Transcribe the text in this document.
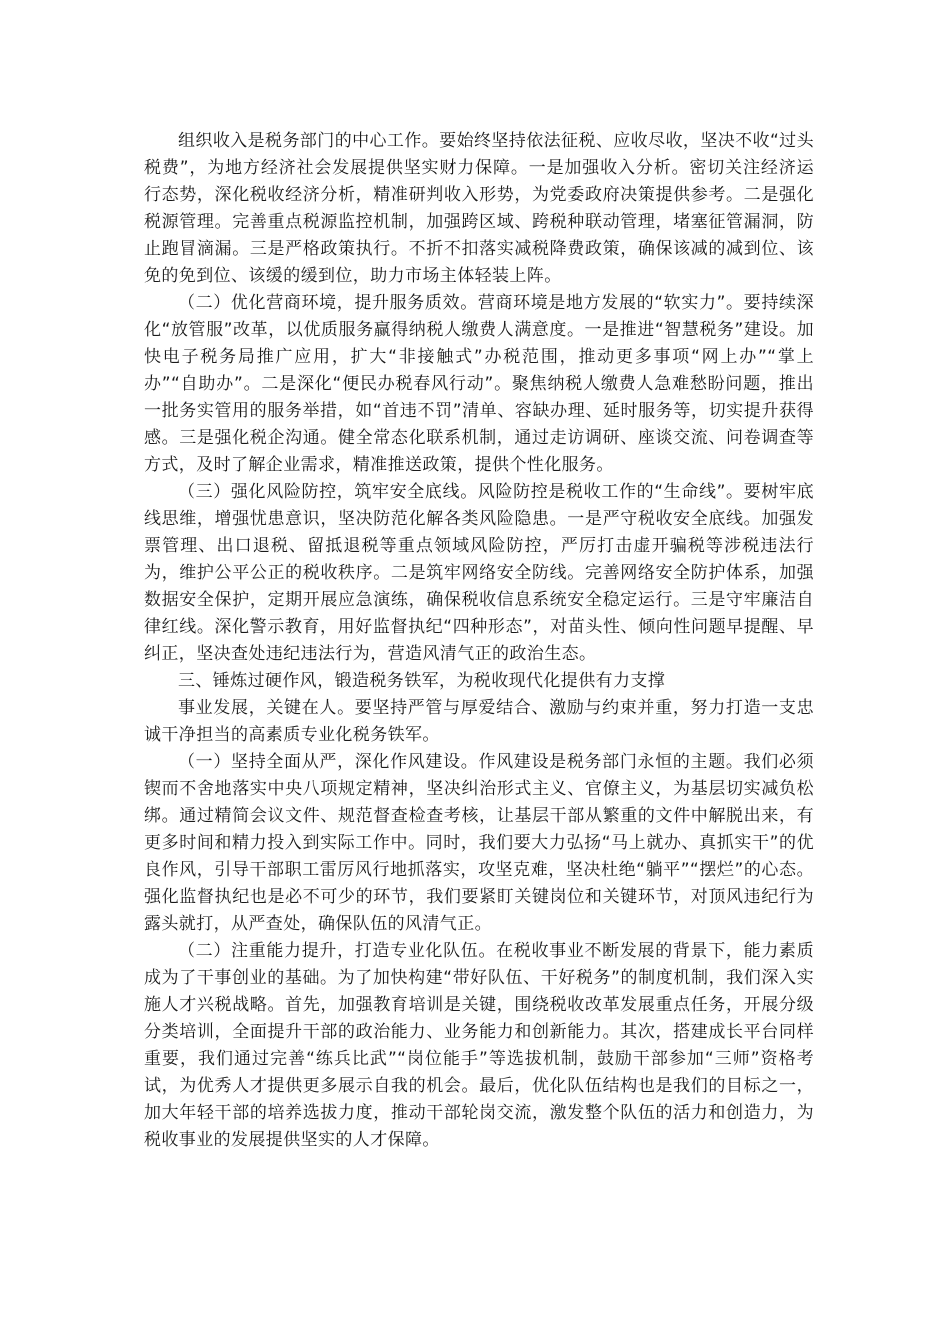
组织收入是税务部门的中心工作。要始终坚持依法征税、应收尽收，坚决不收“过头税费”，为地方经济社会发展提供坚实财力保障。一是加强收入分析。密切关注经济运行态势，深化税收经济分析，精准研判收入形势，为党委政府决策提供参考。二是强化税源管理。完善重点税源监控机制，加强跨区域、跨税种联动管理，堵塞征管漏洞，防止跑冒滴漏。三是严格政策执行。不折不扣落实减税降费政策，确保该减的减到位、该免的免到位、该缓的缓到位，助力市场主体轻装上阵。

（二）优化营商环境，提升服务质效。营商环境是地方发展的“软实力”。要持续深化“放管服”改革，以优质服务赢得纳税人缴费人满意度。一是推进“智慧税务”建设。加快电子税务局推广应用，扩大“非接触式”办税范围，推动更多事项“网上办”“掌上办”“自助办”。二是深化“便民办税春风行动”。聚焦纳税人缴费人急难愁盼问题，推出一批务实管用的服务举措，如“首违不罚”清单、容缺办理、延时服务等，切实提升获得感。三是强化税企沟通。健全常态化联系机制，通过走访调研、座谈交流、问卷调查等方式，及时了解企业需求，精准推送政策，提供个性化服务。

（三）强化风险防控，筑牢安全底线。风险防控是税收工作的“生命线”。要树牢底线思维，增强忧患意识，坚决防范化解各类风险隐患。一是严守税收安全底线。加强发票管理、出口退税、留抵退税等重点领域风险防控，严厉打击虚开骗税等涉税违法行为，维护公平公正的税收秩序。二是筑牢网络安全防线。完善网络安全防护体系，加强数据安全保护，定期开展应急演练，确保税收信息系统安全稳定运行。三是守牢廉洁自律红线。深化警示教育，用好监督执纪“四种形态”，对苗头性、倾向性问题早提醒、早纠正，坚决查处违纪违法行为，营造风清气正的政治生态。

三、锤炼过硬作风，锻造税务铁军，为税收现代化提供有力支撑

事业发展，关键在人。要坚持严管与厚爱结合、激励与约束并重，努力打造一支忠诚干净担当的高素质专业化税务铁军。

（一）坚持全面从严，深化作风建设。作风建设是税务部门永恒的主题。我们必须锲而不舍地落实中央八项规定精神，坚决纠治形式主义、官僚主义，为基层切实减负松绑。通过精简会议文件、规范督查检查考核，让基层干部从繁重的文件中解脱出来，有更多时间和精力投入到实际工作中。同时，我们要大力弘扬“马上就办、真抓实干”的优良作风，引导干部职工雷厉风行地抓落实，攻坚克难，坚决杜绝“躺平”“摆烂”的心态。强化监督执纪也是必不可少的环节，我们要紧盯关键岗位和关键环节，对顶风违纪行为露头就打，从严查处，确保队伍的风清气正。

（二）注重能力提升，打造专业化队伍。在税收事业不断发展的背景下，能力素质成为了干事创业的基础。为了加快构建“带好队伍、干好税务”的制度机制，我们深入实施人才兴税战略。首先，加强教育培训是关键，围绕税收改革发展重点任务，开展分级分类培训，全面提升干部的政治能力、业务能力和创新能力。其次，搭建成长平台同样重要，我们通过完善“练兵比武”“岗位能手”等选拔机制，鼓励干部参加“三师”资格考试，为优秀人才提供更多展示自我的机会。最后，优化队伍结构也是我们的目标之一，加大年轻干部的培养选拔力度，推动干部轮岗交流，激发整个队伍的活力和创造力，为税收事业的发展提供坚实的人才保障。
